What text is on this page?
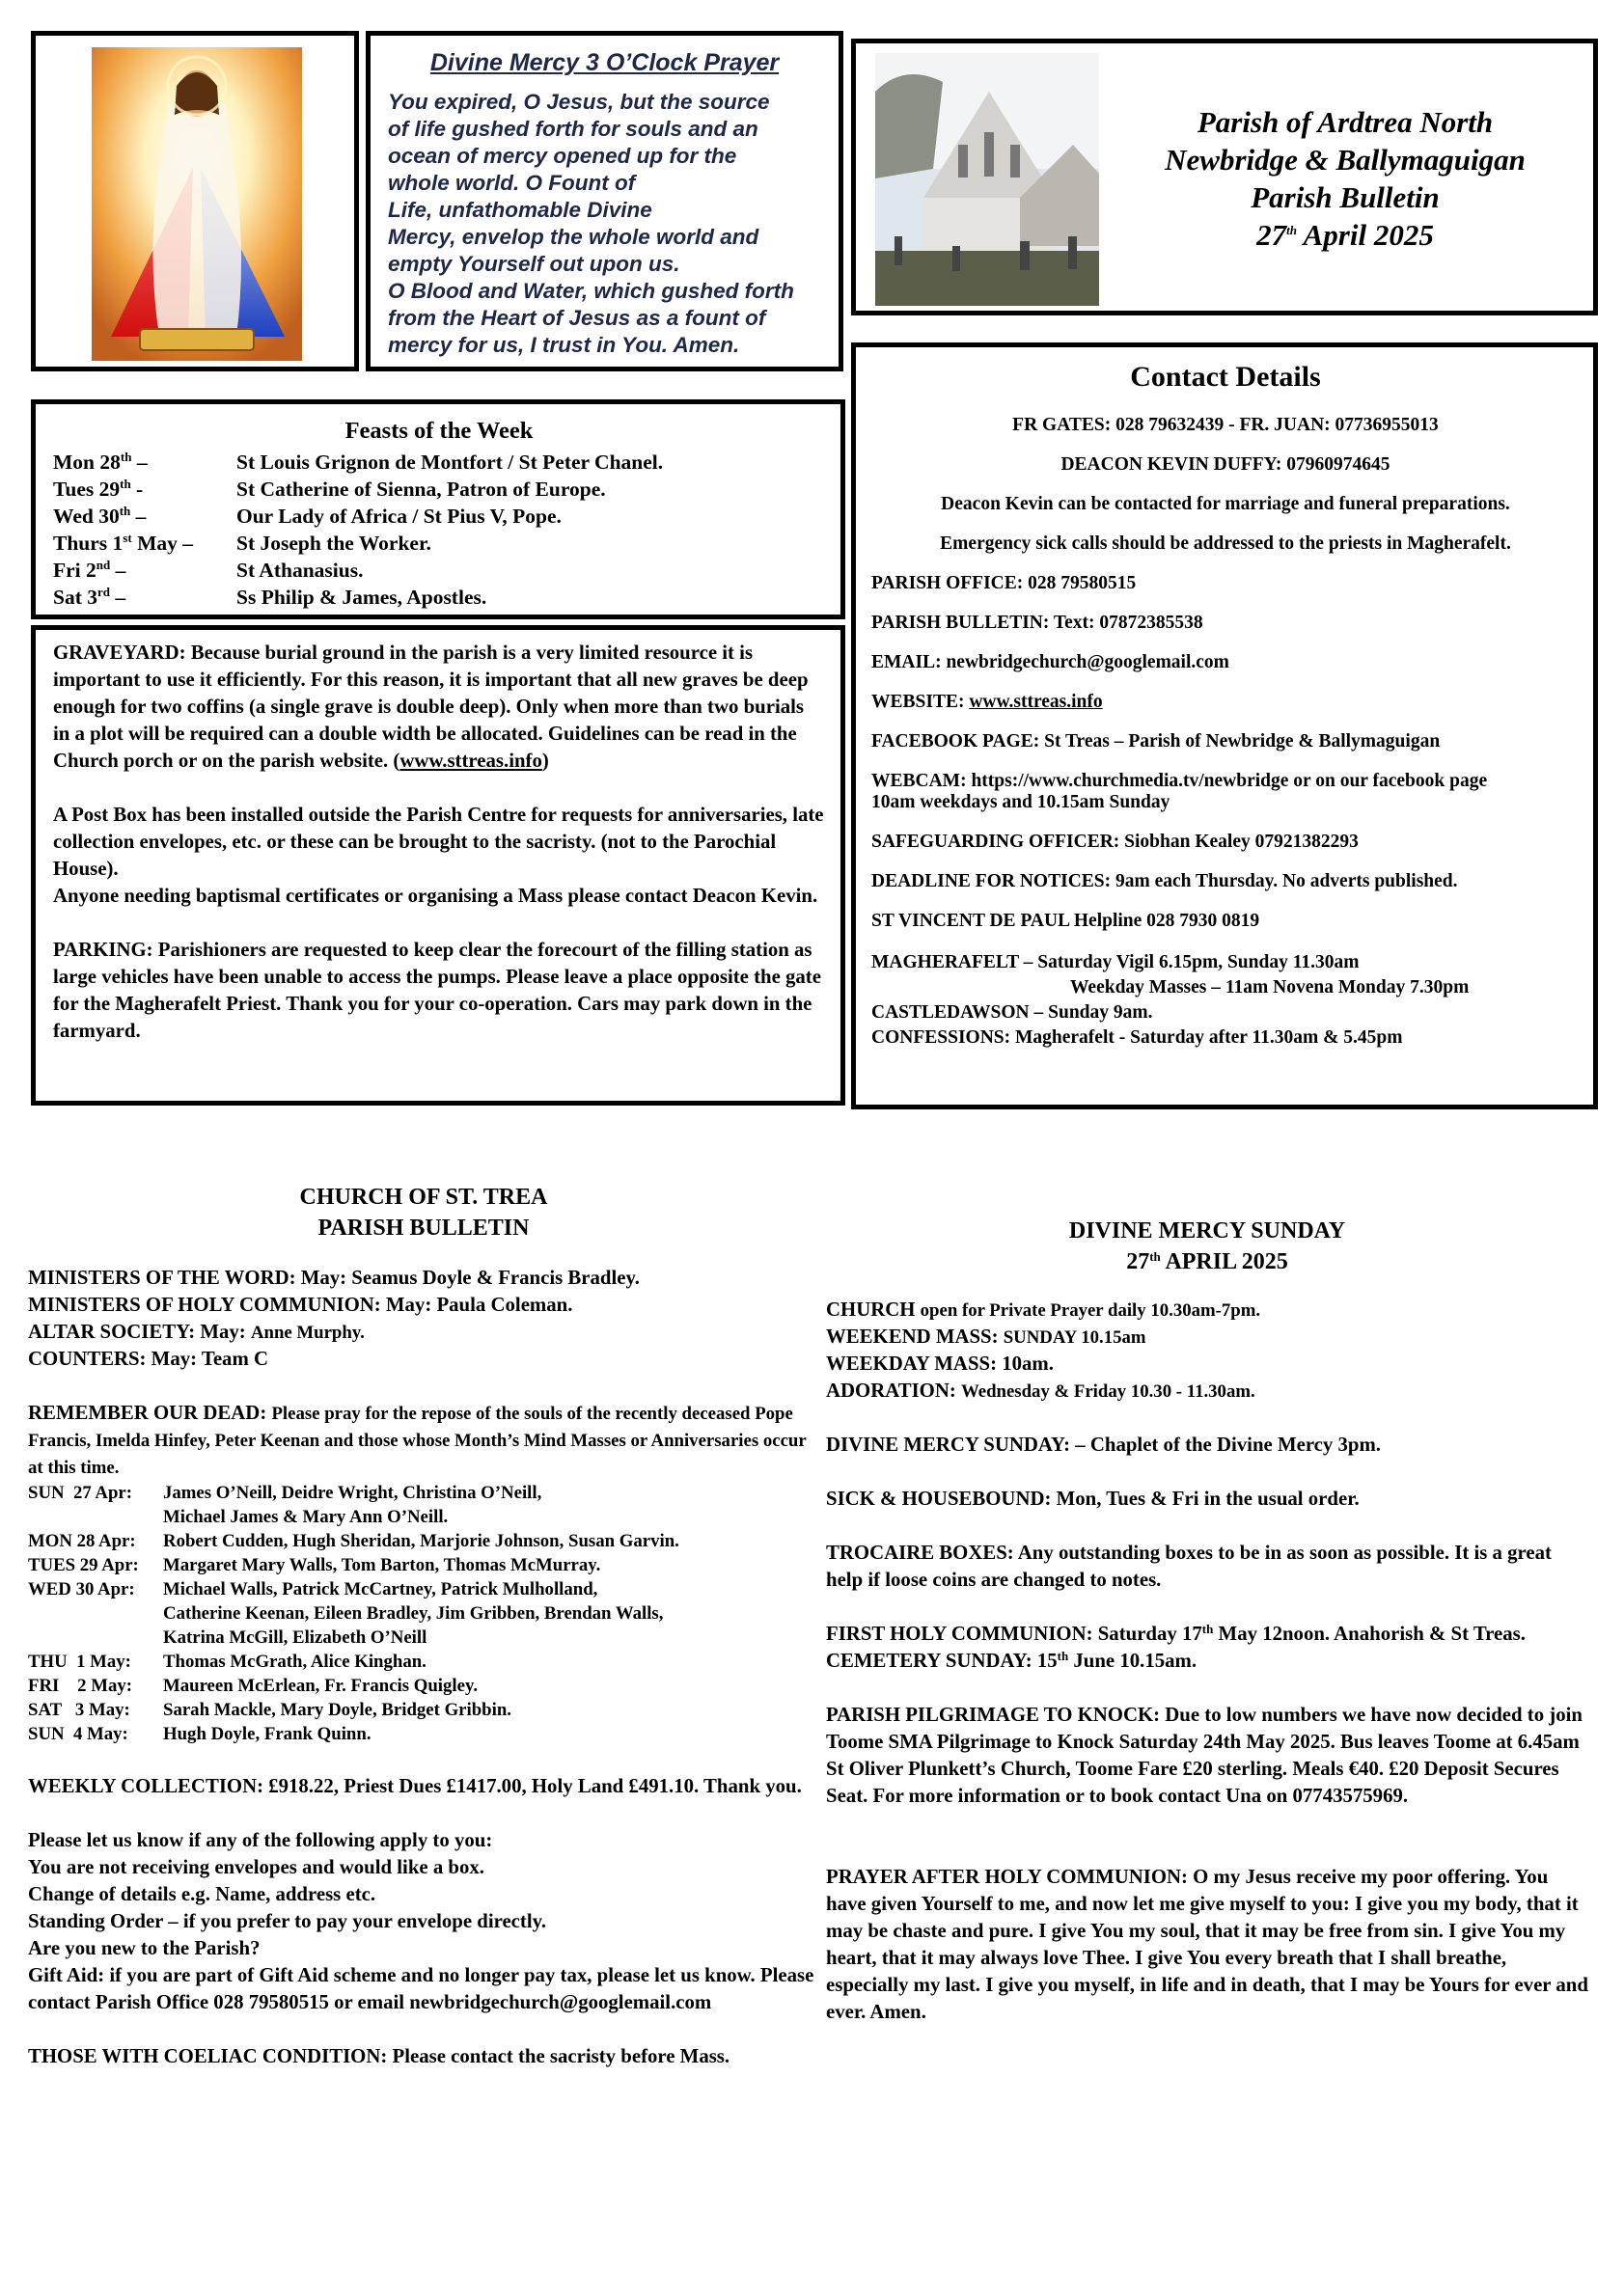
Divine Mercy 3 O’Clock Prayer

You expired, O Jesus, but the source
of life gushed forth for souls and an
ocean of mercy opened up for the
whole world. O Fount of
Life, unfathomable Divine
Mercy, envelop the whole world and
empty Yourself out upon us.
O Blood and Water, which gushed forth
from the Heart of Jesus as a fount of
mercy for us, I trust in You. Amen.
Parish of Ardtrea North
Newbridge & Ballymaguigan
Parish Bulletin
27th April 2025
Contact Details

FR GATES: 028 79632439 - FR. JUAN: 07736955013

DEACON KEVIN DUFFY: 07960974645

Deacon Kevin can be contacted for marriage and funeral preparations.

Emergency sick calls should be addressed to the priests in Magherafelt.

PARISH OFFICE: 028 79580515

PARISH BULLETIN: Text: 07872385538

EMAIL: newbridgechurch@googlemail.com

WEBSITE: www.sttreas.info

FACEBOOK PAGE: St Treas – Parish of Newbridge & Ballymaguigan

WEBCAM: https://www.churchmedia.tv/newbridge or on our facebook page
10am weekdays and 10.15am Sunday

SAFEGUARDING OFFICER: Siobhan Kealey 07921382293

DEADLINE FOR NOTICES: 9am each Thursday. No adverts published.

ST VINCENT DE PAUL Helpline 028 7930 0819

MAGHERAFELT – Saturday Vigil 6.15pm, Sunday 11.30am
Weekday Masses – 11am Novena Monday 7.30pm
CASTLEDAWSON – Sunday 9am.
CONFESSIONS: Magherafelt - Saturday after 11.30am & 5.45pm
Feasts of the Week
Mon 28th –	St Louis Grignon de Montfort / St Peter Chanel.
Tues 29th -	St Catherine of Sienna, Patron of Europe.
Wed 30th –	Our Lady of Africa / St Pius V, Pope.
Thurs 1st May –	St Joseph the Worker.
Fri 2nd –	St Athanasius.
Sat 3rd –	Ss Philip & James, Apostles.

GRAVEYARD: Because burial ground in the parish is a very limited resource it is important to use it efficiently. For this reason, it is important that all new graves be deep enough for two coffins (a single grave is double deep). Only when more than two burials in a plot will be required can a double width be allocated. Guidelines can be read in the Church porch or on the parish website. (www.sttreas.info)

A Post Box has been installed outside the Parish Centre for requests for anniversaries, late collection envelopes, etc. or these can be brought to the sacristy. (not to the Parochial House).

Anyone needing baptismal certificates or organising a Mass please contact Deacon Kevin.

PARKING: Parishioners are requested to keep clear the forecourt of the filling station as large vehicles have been unable to access the pumps. Please leave a place opposite the gate for the Magherafelt Priest. Thank you for your co-operation. Cars may park down in the farmyard.

CHURCH OF ST. TREA
PARISH BULLETIN

MINISTERS OF THE WORD: May: Seamus Doyle & Francis Bradley.

MINISTERS OF HOLY COMMUNION: May: Paula Coleman.

ALTAR SOCIETY: May: Anne Murphy.

COUNTERS: May: Team C

REMEMBER OUR DEAD: Please pray for the repose of the souls of the recently deceased Pope Francis, Imelda Hinfey, Peter Keenan and those whose Month’s Mind Masses or Anniversaries occur at this time.

SUN  27 Apr:	James O’Neill, Deidre Wright, Christina O’Neill,
Michael James & Mary Ann O’Neill.
MON 28 Apr:	Robert Cudden, Hugh Sheridan, Marjorie Johnson, Susan Garvin.
TUES 29 Apr:	Margaret Mary Walls, Tom Barton, Thomas McMurray.
WED 30 Apr:	Michael Walls, Patrick McCartney, Patrick Mulholland,
Catherine Keenan, Eileen Bradley, Jim Gribben, Brendan Walls,
Katrina McGill, Elizabeth O’Neill
THU  1 May:	Thomas McGrath, Alice Kinghan.
FRI    2 May:	Maureen McErlean, Fr. Francis Quigley.
SAT   3 May:	Sarah Mackle, Mary Doyle, Bridget Gribbin.
SUN  4 May:	Hugh Doyle, Frank Quinn.

WEEKLY COLLECTION: £918.22, Priest Dues £1417.00, Holy Land £491.10. Thank you.

Please let us know if any of the following apply to you:
You are not receiving envelopes and would like a box.
Change of details e.g. Name, address etc.
Standing Order – if you prefer to pay your envelope directly.
Are you new to the Parish?

Gift Aid: if you are part of Gift Aid scheme and no longer pay tax, please let us know. Please contact Parish Office 028 79580515 or email newbridgechurch@googlemail.com

THOSE WITH COELIAC CONDITION: Please contact the sacristy before Mass.

DIVINE MERCY SUNDAY
27th APRIL 2025

CHURCH open for Private Prayer daily 10.30am-7pm.

WEEKEND MASS: SUNDAY 10.15am

WEEKDAY MASS: 10am.

ADORATION: Wednesday & Friday 10.30 - 11.30am.

DIVINE MERCY SUNDAY: – Chaplet of the Divine Mercy 3pm.

SICK & HOUSEBOUND: Mon, Tues & Fri in the usual order.

TROCAIRE BOXES: Any outstanding boxes to be in as soon as possible. It is a great help if loose coins are changed to notes.

FIRST HOLY COMMUNION: Saturday 17th May 12noon. Anahorish & St Treas.

CEMETERY SUNDAY: 15th June 10.15am.

PARISH PILGRIMAGE TO KNOCK: Due to low numbers we have now decided to join Toome SMA Pilgrimage to Knock Saturday 24th May 2025. Bus leaves Toome at 6.45am St Oliver Plunkett’s Church, Toome Fare £20 sterling. Meals €40. £20 Deposit Secures Seat. For more information or to book contact Una on 07743575969.

PRAYER AFTER HOLY COMMUNION: O my Jesus receive my poor offering. You have given Yourself to me, and now let me give myself to you: I give you my body, that it may be chaste and pure. I give You my soul, that it may be free from sin. I give You my heart, that it may always love Thee. I give You every breath that I shall breathe, especially my last. I give you myself, in life and in death, that I may be Yours for ever and ever. Amen.
